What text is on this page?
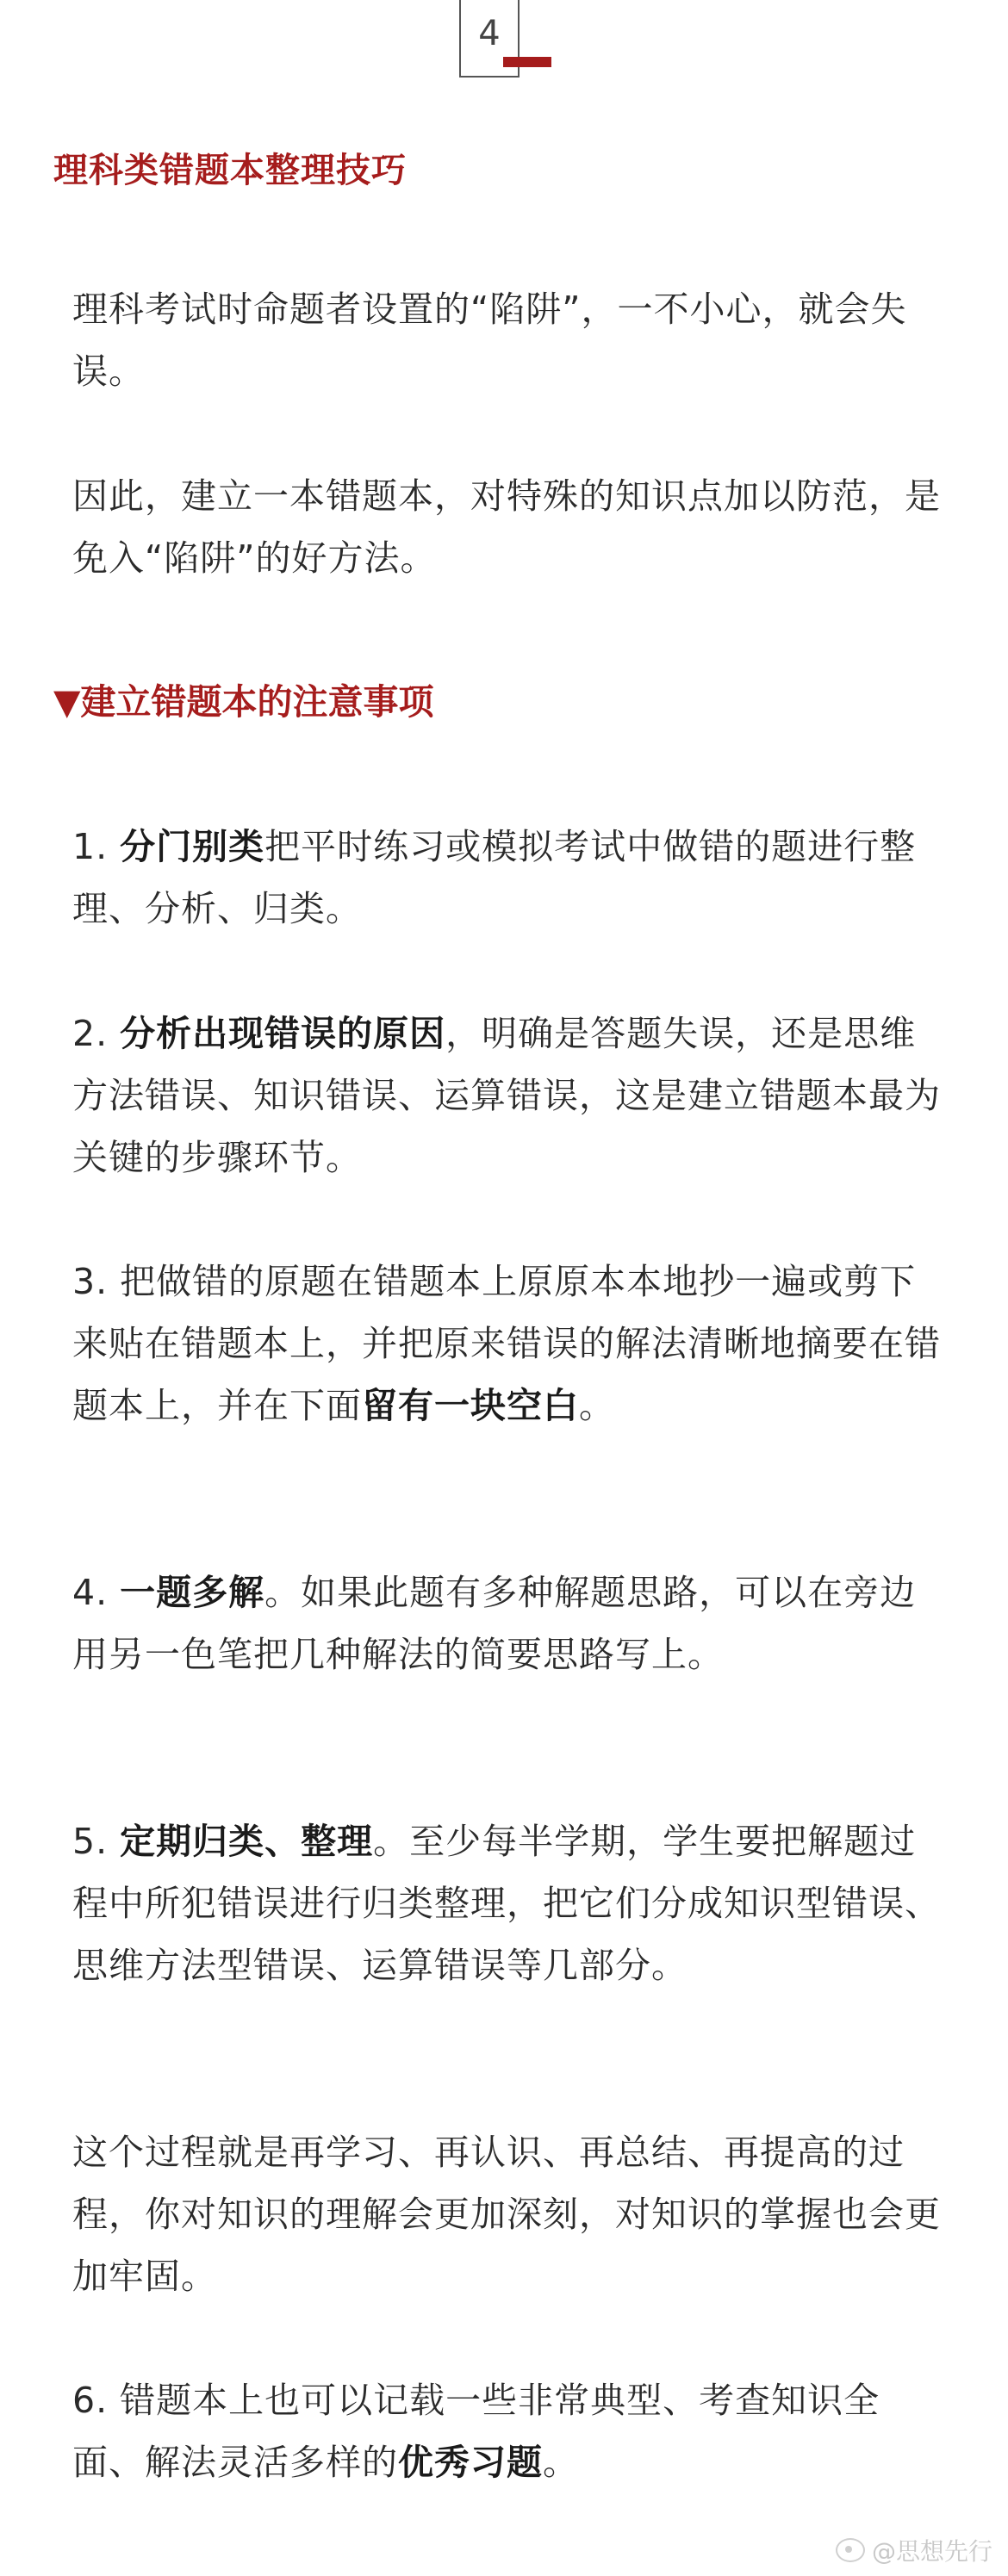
4
理科类错题本整理技巧
理科考试时命题者设置的“陷阱”，一不小心，就会失误。
因此，建立一本错题本，对特殊的知识点加以防范，是免入“陷阱”的好方法。
▼建立错题本的注意事项
1. 分门别类把平时练习或模拟考试中做错的题进行整理、分析、归类。
2. 分析出现错误的原因，明确是答题失误，还是思维方法错误、知识错误、运算错误，这是建立错题本最为关键的步骤环节。
3. 把做错的原题在错题本上原原本本地抄一遍或剪下来贴在错题本上，并把原来错误的解法清晰地摘要在错题本上，并在下面留有一块空白。
4. 一题多解。如果此题有多种解题思路，可以在旁边用另一色笔把几种解法的简要思路写上。
5. 定期归类、整理。至少每半学期，学生要把解题过程中所犯错误进行归类整理，把它们分成知识型错误、思维方法型错误、运算错误等几部分。
这个过程就是再学习、再认识、再总结、再提高的过程，你对知识的理解会更加深刻，对知识的掌握也会更加牢固。
6. 错题本上也可以记载一些非常典型、考查知识全面、解法灵活多样的优秀习题。
@思想先行
